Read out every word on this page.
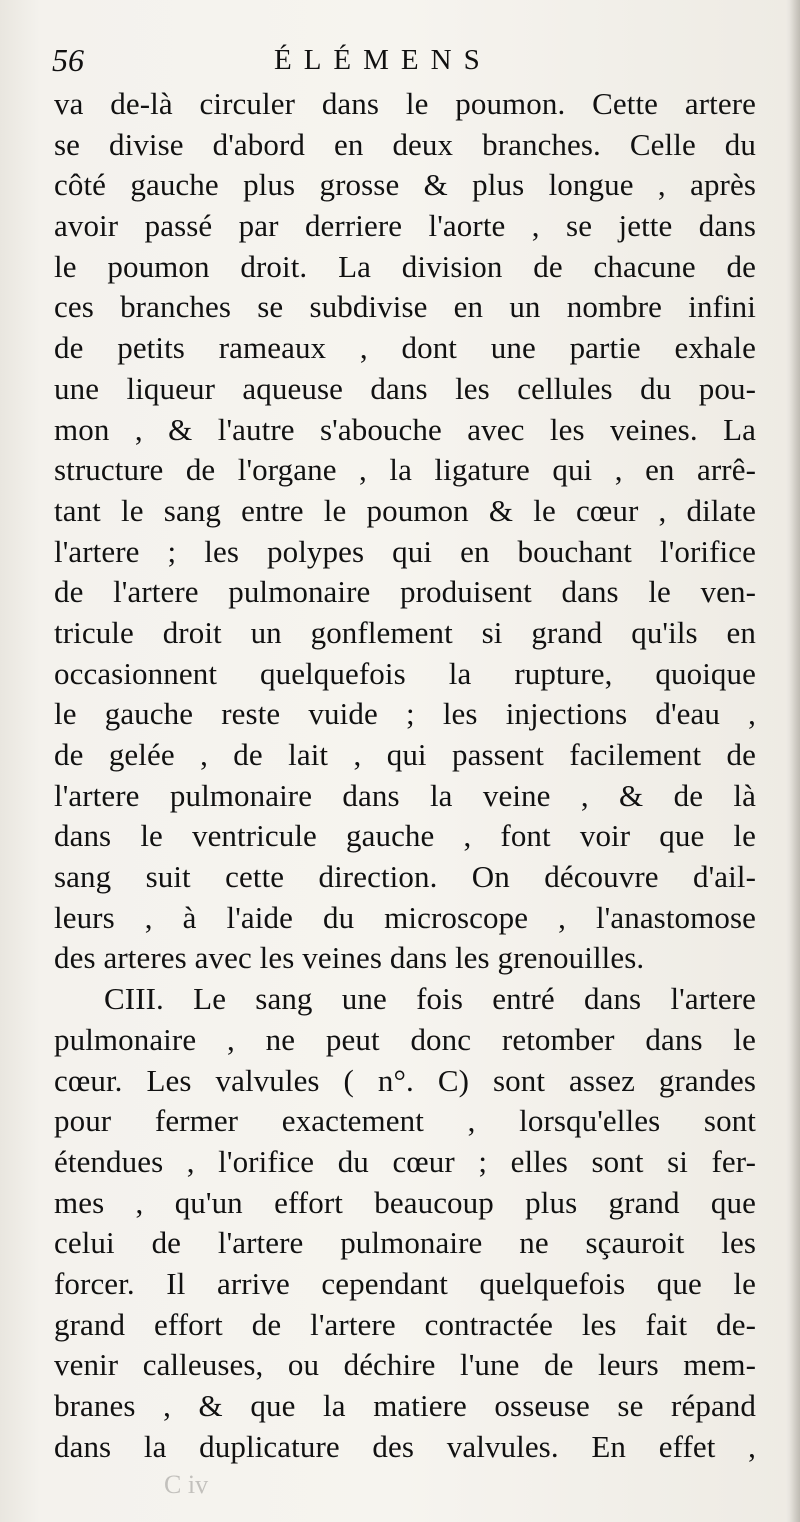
56	ÉLÉMENS
va de-là circuler dans le poumon. Cette artere
se divise d'abord en deux branches. Celle du
côté gauche plus grosse & plus longue , après
avoir passé par derriere l'aorte , se jette dans
le poumon droit. La division de chacune de
ces branches se subdivise en un nombre infini
de petits rameaux , dont une partie exhale
une liqueur aqueuse dans les cellules du pou-
mon , & l'autre s'abouche avec les veines. La
structure de l'organe , la ligature qui , en arrê-
tant le sang entre le poumon & le cœur , dilate
l'artere ; les polypes qui en bouchant l'orifice
de l'artere pulmonaire produisent dans le ven-
tricule droit un gonflement si grand qu'ils en
occasionnent quelquefois la rupture, quoique
le gauche reste vuide ; les injections d'eau ,
de gelée , de lait , qui passent facilement de
l'artere pulmonaire dans la veine , & de là
dans le ventricule gauche , font voir que le
sang suit cette direction. On découvre d'ail-
leurs , à l'aide du microscope , l'anastomose
des arteres avec les veines dans les grenouilles.
CIII. Le sang une fois entré dans l'artere
pulmonaire , ne peut donc retomber dans le
cœur. Les valvules ( n°. C) sont assez grandes
pour fermer exactement , lorsqu'elles sont
étendues , l'orifice du cœur ; elles sont si fer-
mes , qu'un effort beaucoup plus grand que
celui de l'artere pulmonaire ne sçauroit les
forcer. Il arrive cependant quelquefois que le
grand effort de l'artere contractée les fait de-
venir calleuses, ou déchire l'une de leurs mem-
branes , & que la matiere osseuse se répand
dans la duplicature des valvules. En effet ,
C iv
